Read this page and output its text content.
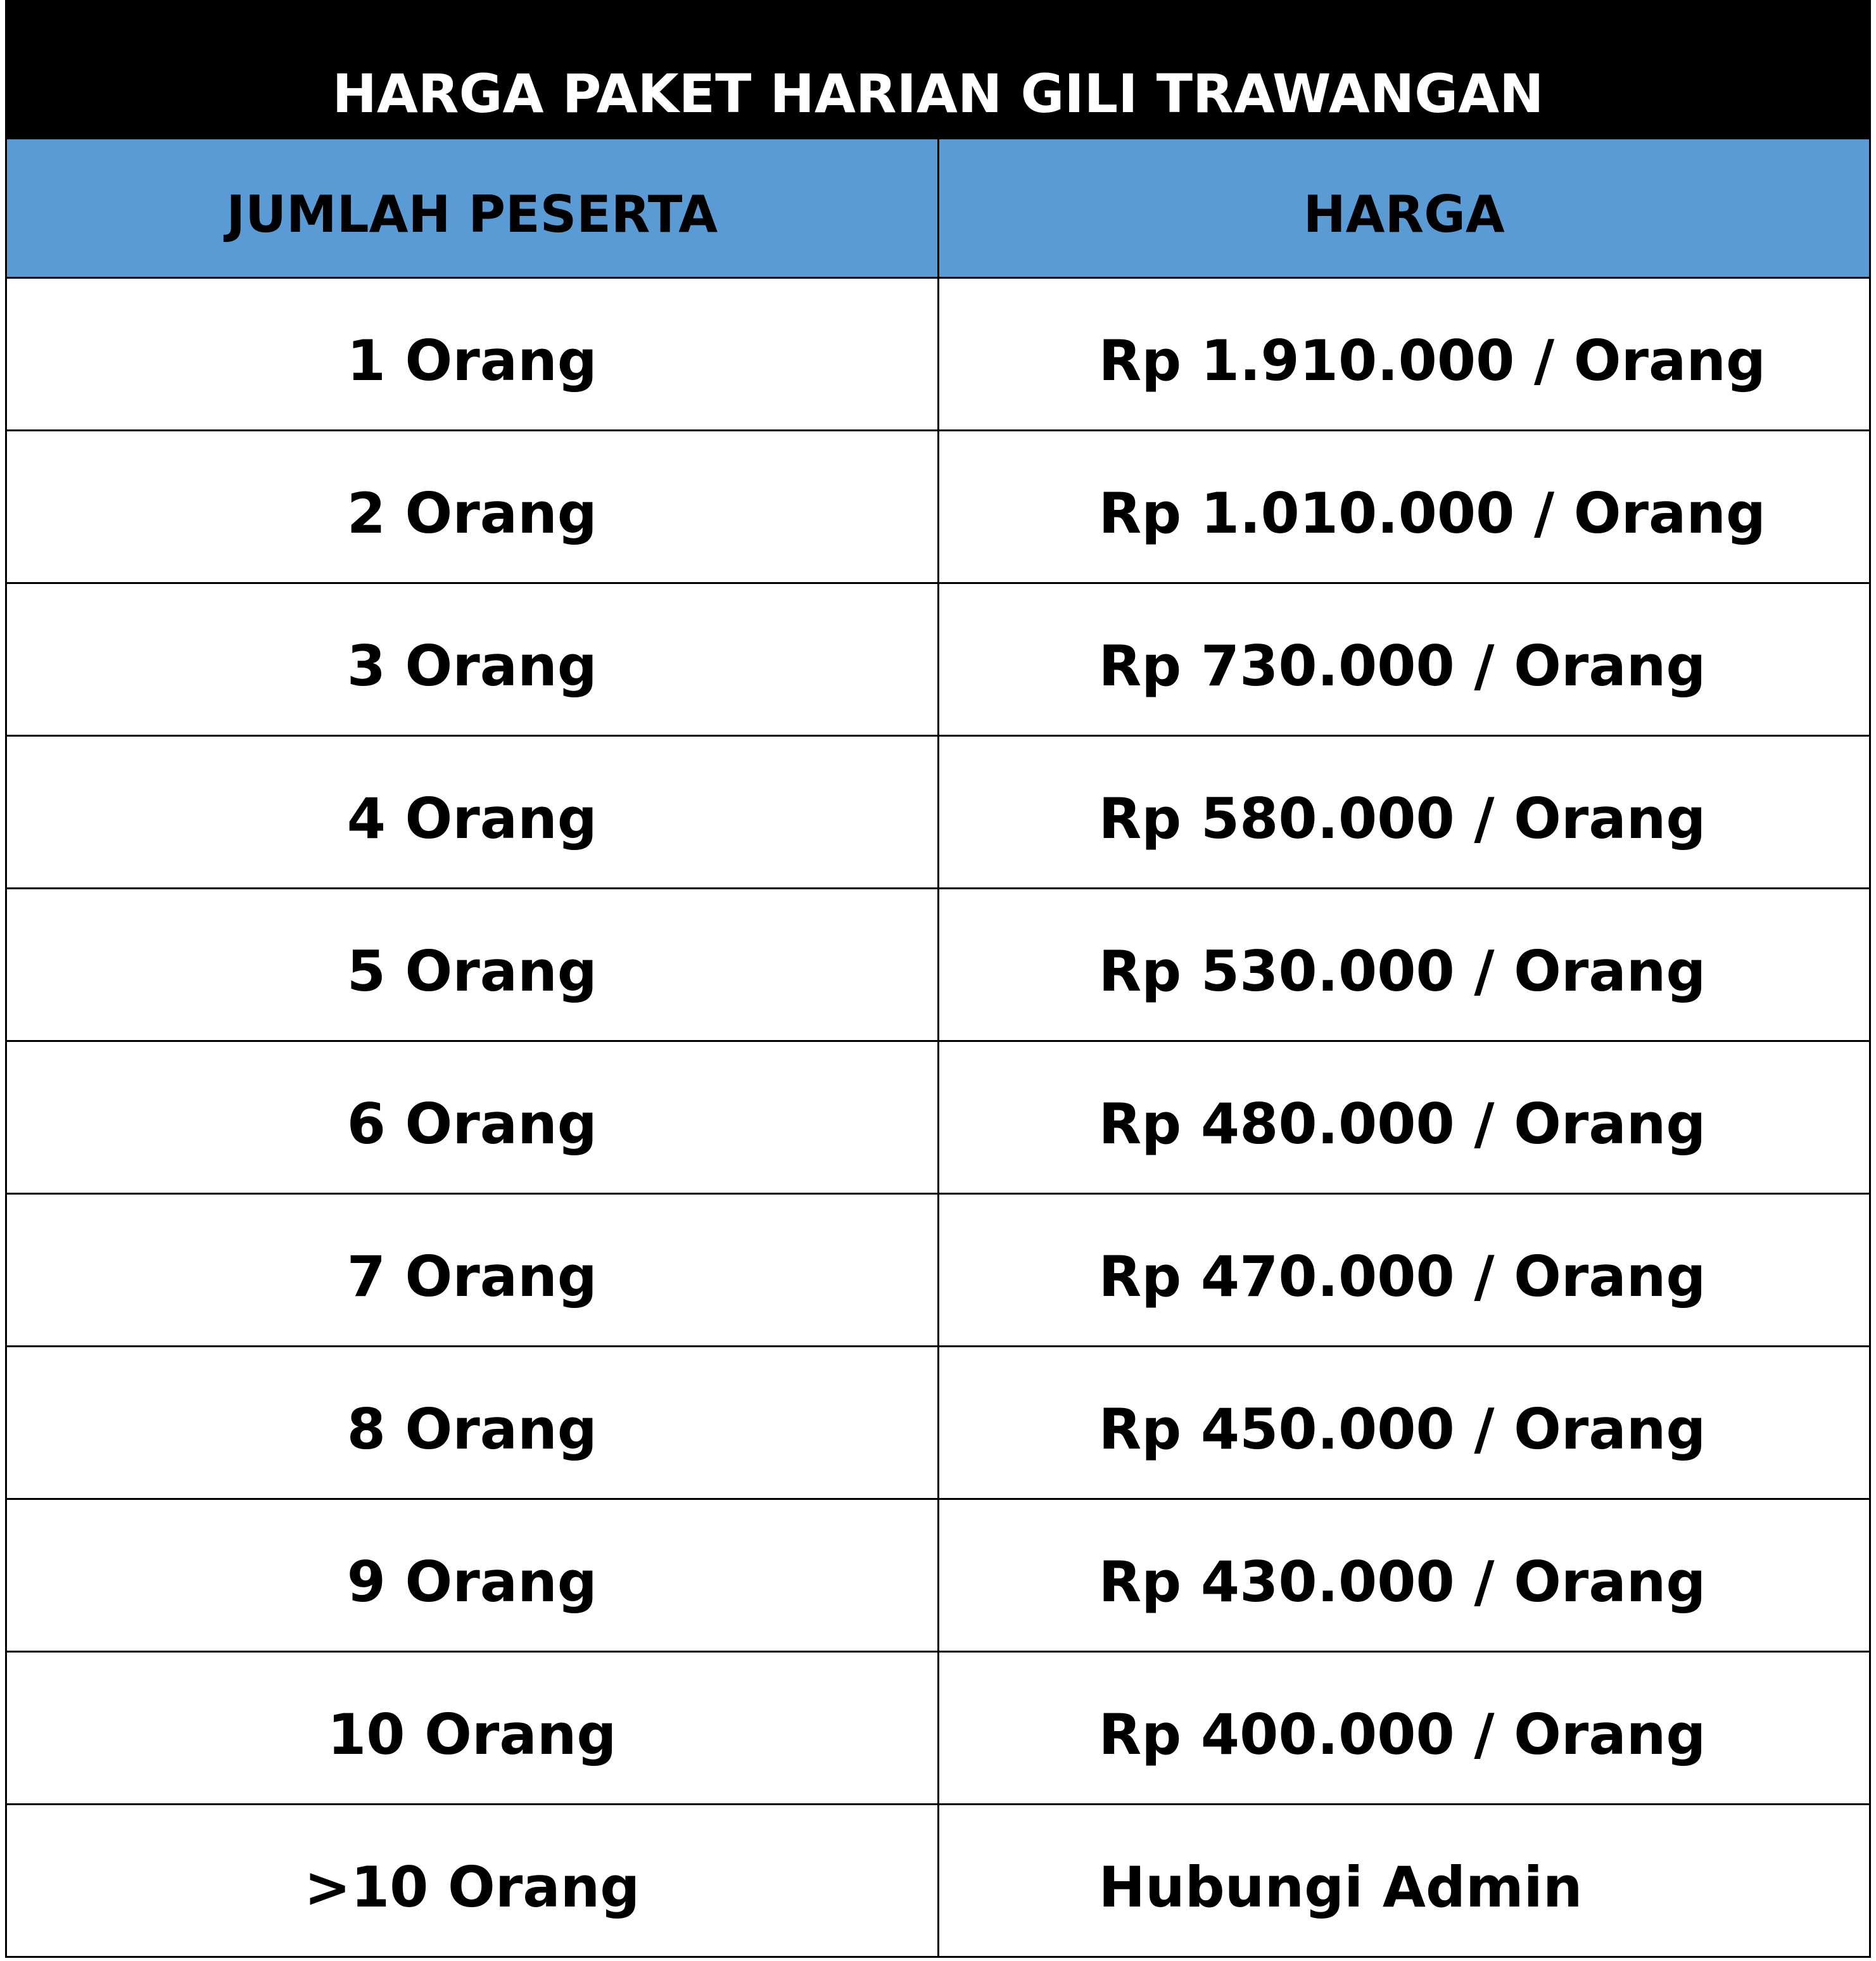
HARGA PAKET HARIAN GILI TRAWANGAN	
JUMLAH PESERTA	HARGA
1 Orang	Rp 1.910.000 / Orang
2 Orang	Rp 1.010.000 / Orang
3 Orang	Rp 730.000 / Orang
4 Orang	Rp 580.000 / Orang
5 Orang	Rp 530.000 / Orang
6 Orang	Rp 480.000 / Orang
7 Orang	Rp 470.000 / Orang
8 Orang	Rp 450.000 / Orang
9 Orang	Rp 430.000 / Orang
10 Orang	Rp 400.000 / Orang
>10 Orang	Hubungi Admin
